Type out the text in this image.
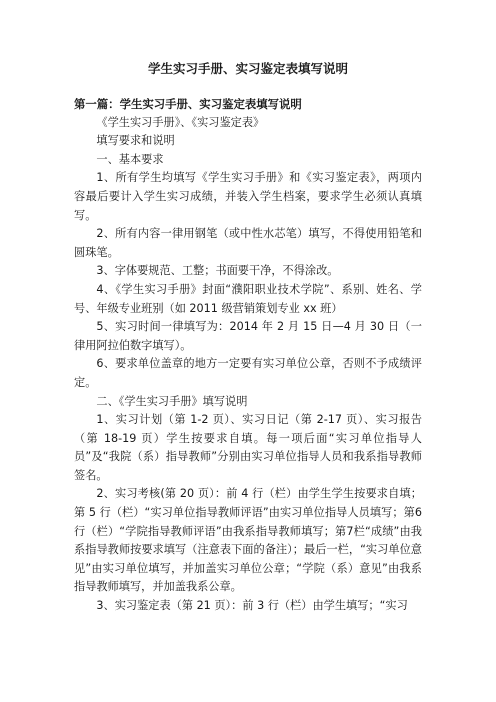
学生实习手册、实习鉴定表填写说明

第一篇：学生实习手册、实习鉴定表填写说明

《学生实习手册》、《实习鉴定表》

填写要求和说明

一、基本要求

1、所有学生均填写《学生实习手册》和《实习鉴定表》，两项内容最后要计入学生实习成绩，并装入学生档案，要求学生必须认真填写。

2、所有内容一律用钢笔（或中性水芯笔）填写，不得使用铅笔和圆珠笔。

3、字体要规范、工整；书面要干净，不得涂改。

4、《学生实习手册》封面“濮阳职业技术学院”、系别、姓名、学号、年级专业班别（如 2011 级营销策划专业 xx 班）

5、实习时间一律填写为：2014 年 2 月 15 日—4 月 30 日（一律用阿拉伯数字填写）。

6、要求单位盖章的地方一定要有实习单位公章，否则不予成绩评定。

二、《学生实习手册》填写说明

1、实习计划（第 1-2 页）、实习日记（第 2-17 页）、实习报告（第 18-19 页）学生按要求自填。每一项后面“实习单位指导人员”及“我院（系）指导教师”分别由实习单位指导人员和我系指导教师签名。

2、实习考核(第 20 页）：前 4 行（栏）由学生学生按要求自填；第 5 行（栏）“实习单位指导教师评语”由实习单位指导人员填写；第6行（栏）“学院指导教师评语”由我系指导教师填写；第7栏“成绩”由我系指导教师按要求填写（注意表下面的备注）；最后一栏，“实习单位意见”由实习单位填写，并加盖实习单位公章；“学院（系）意见”由我系指导教师填写，并加盖我系公章。

3、实习鉴定表（第 21 页）：前 3 行（栏）由学生填写；“实习
